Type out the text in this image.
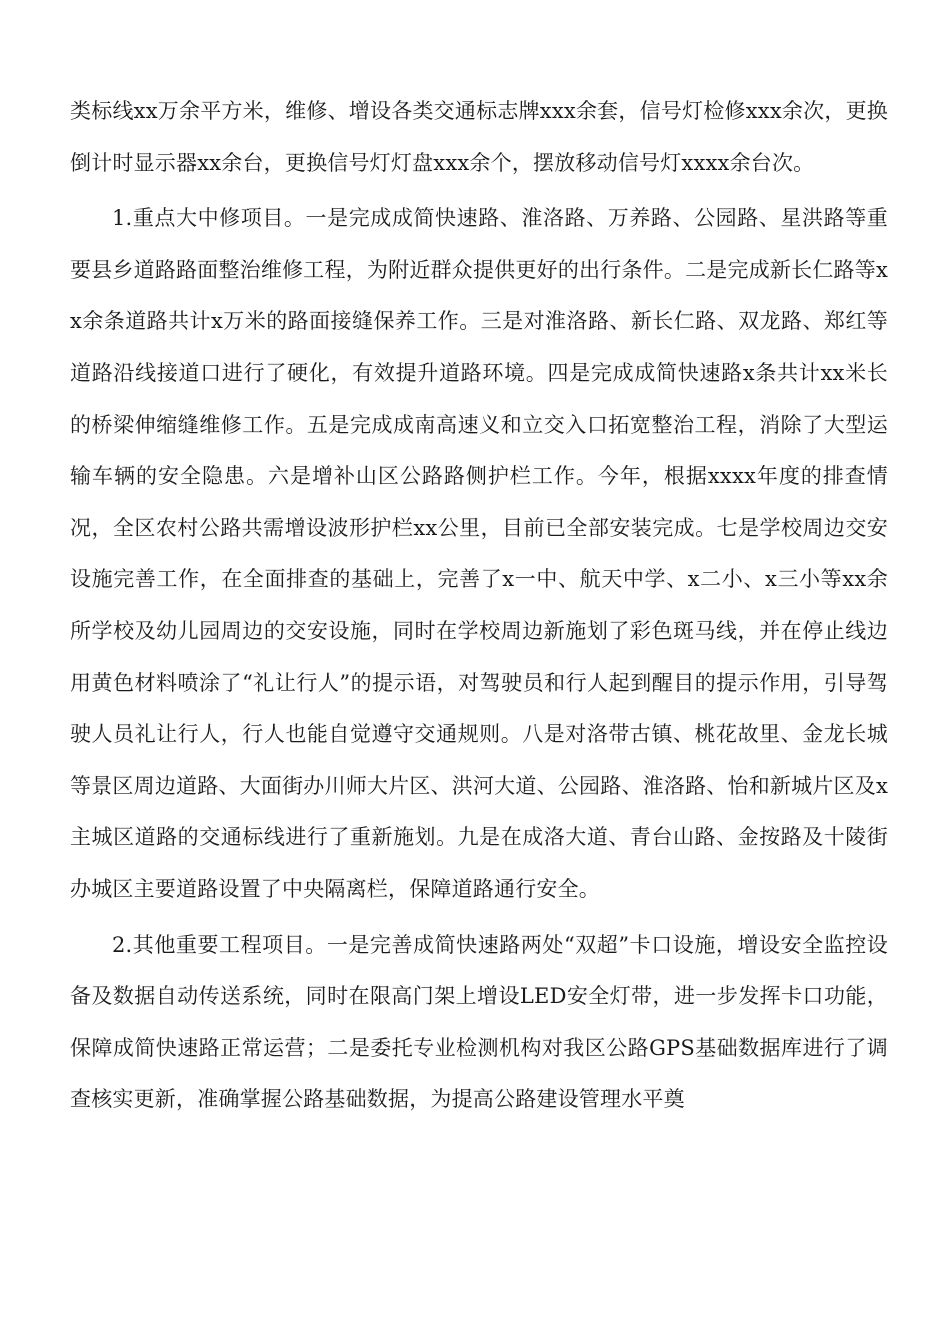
类标线xx万余平方米，维修、增设各类交通标志牌xxx余套，信号灯检修xxx余次，更换倒计时显示器xx余台，更换信号灯灯盘xxx余个，摆放移动信号灯xxxx余台次。

1.重点大中修项目。一是完成成简快速路、淮洛路、万养路、公园路、星洪路等重要县乡道路路面整治维修工程，为附近群众提供更好的出行条件。二是完成新长仁路等xx余条道路共计x万米的路面接缝保养工作。三是对淮洛路、新长仁路、双龙路、郑红等道路沿线接道口进行了硬化，有效提升道路环境。四是完成成简快速路x条共计xx米长的桥梁伸缩缝维修工作。五是完成成南高速义和立交入口拓宽整治工程，消除了大型运输车辆的安全隐患。六是增补山区公路路侧护栏工作。今年，根据xxxx年度的排查情况，全区农村公路共需增设波形护栏xx公里，目前已全部安装完成。七是学校周边交安设施完善工作，在全面排查的基础上，完善了x一中、航天中学、x二小、x三小等xx余所学校及幼儿园周边的交安设施，同时在学校周边新施划了彩色斑马线，并在停止线边用黄色材料喷涂了“礼让行人”的提示语，对驾驶员和行人起到醒目的提示作用，引导驾驶人员礼让行人，行人也能自觉遵守交通规则。八是对洛带古镇、桃花故里、金龙长城等景区周边道路、大面街办川师大片区、洪河大道、公园路、淮洛路、怡和新城片区及x主城区道路的交通标线进行了重新施划。九是在成洛大道、青台山路、金按路及十陵街办城区主要道路设置了中央隔离栏，保障道路通行安全。

2.其他重要工程项目。一是完善成简快速路两处“双超”卡口设施，增设安全监控设备及数据自动传送系统，同时在限高门架上增设LED安全灯带，进一步发挥卡口功能，保障成简快速路正常运营；二是委托专业检测机构对我区公路GPS基础数据库进行了调查核实更新，准确掌握公路基础数据，为提高公路建设管理水平奠
